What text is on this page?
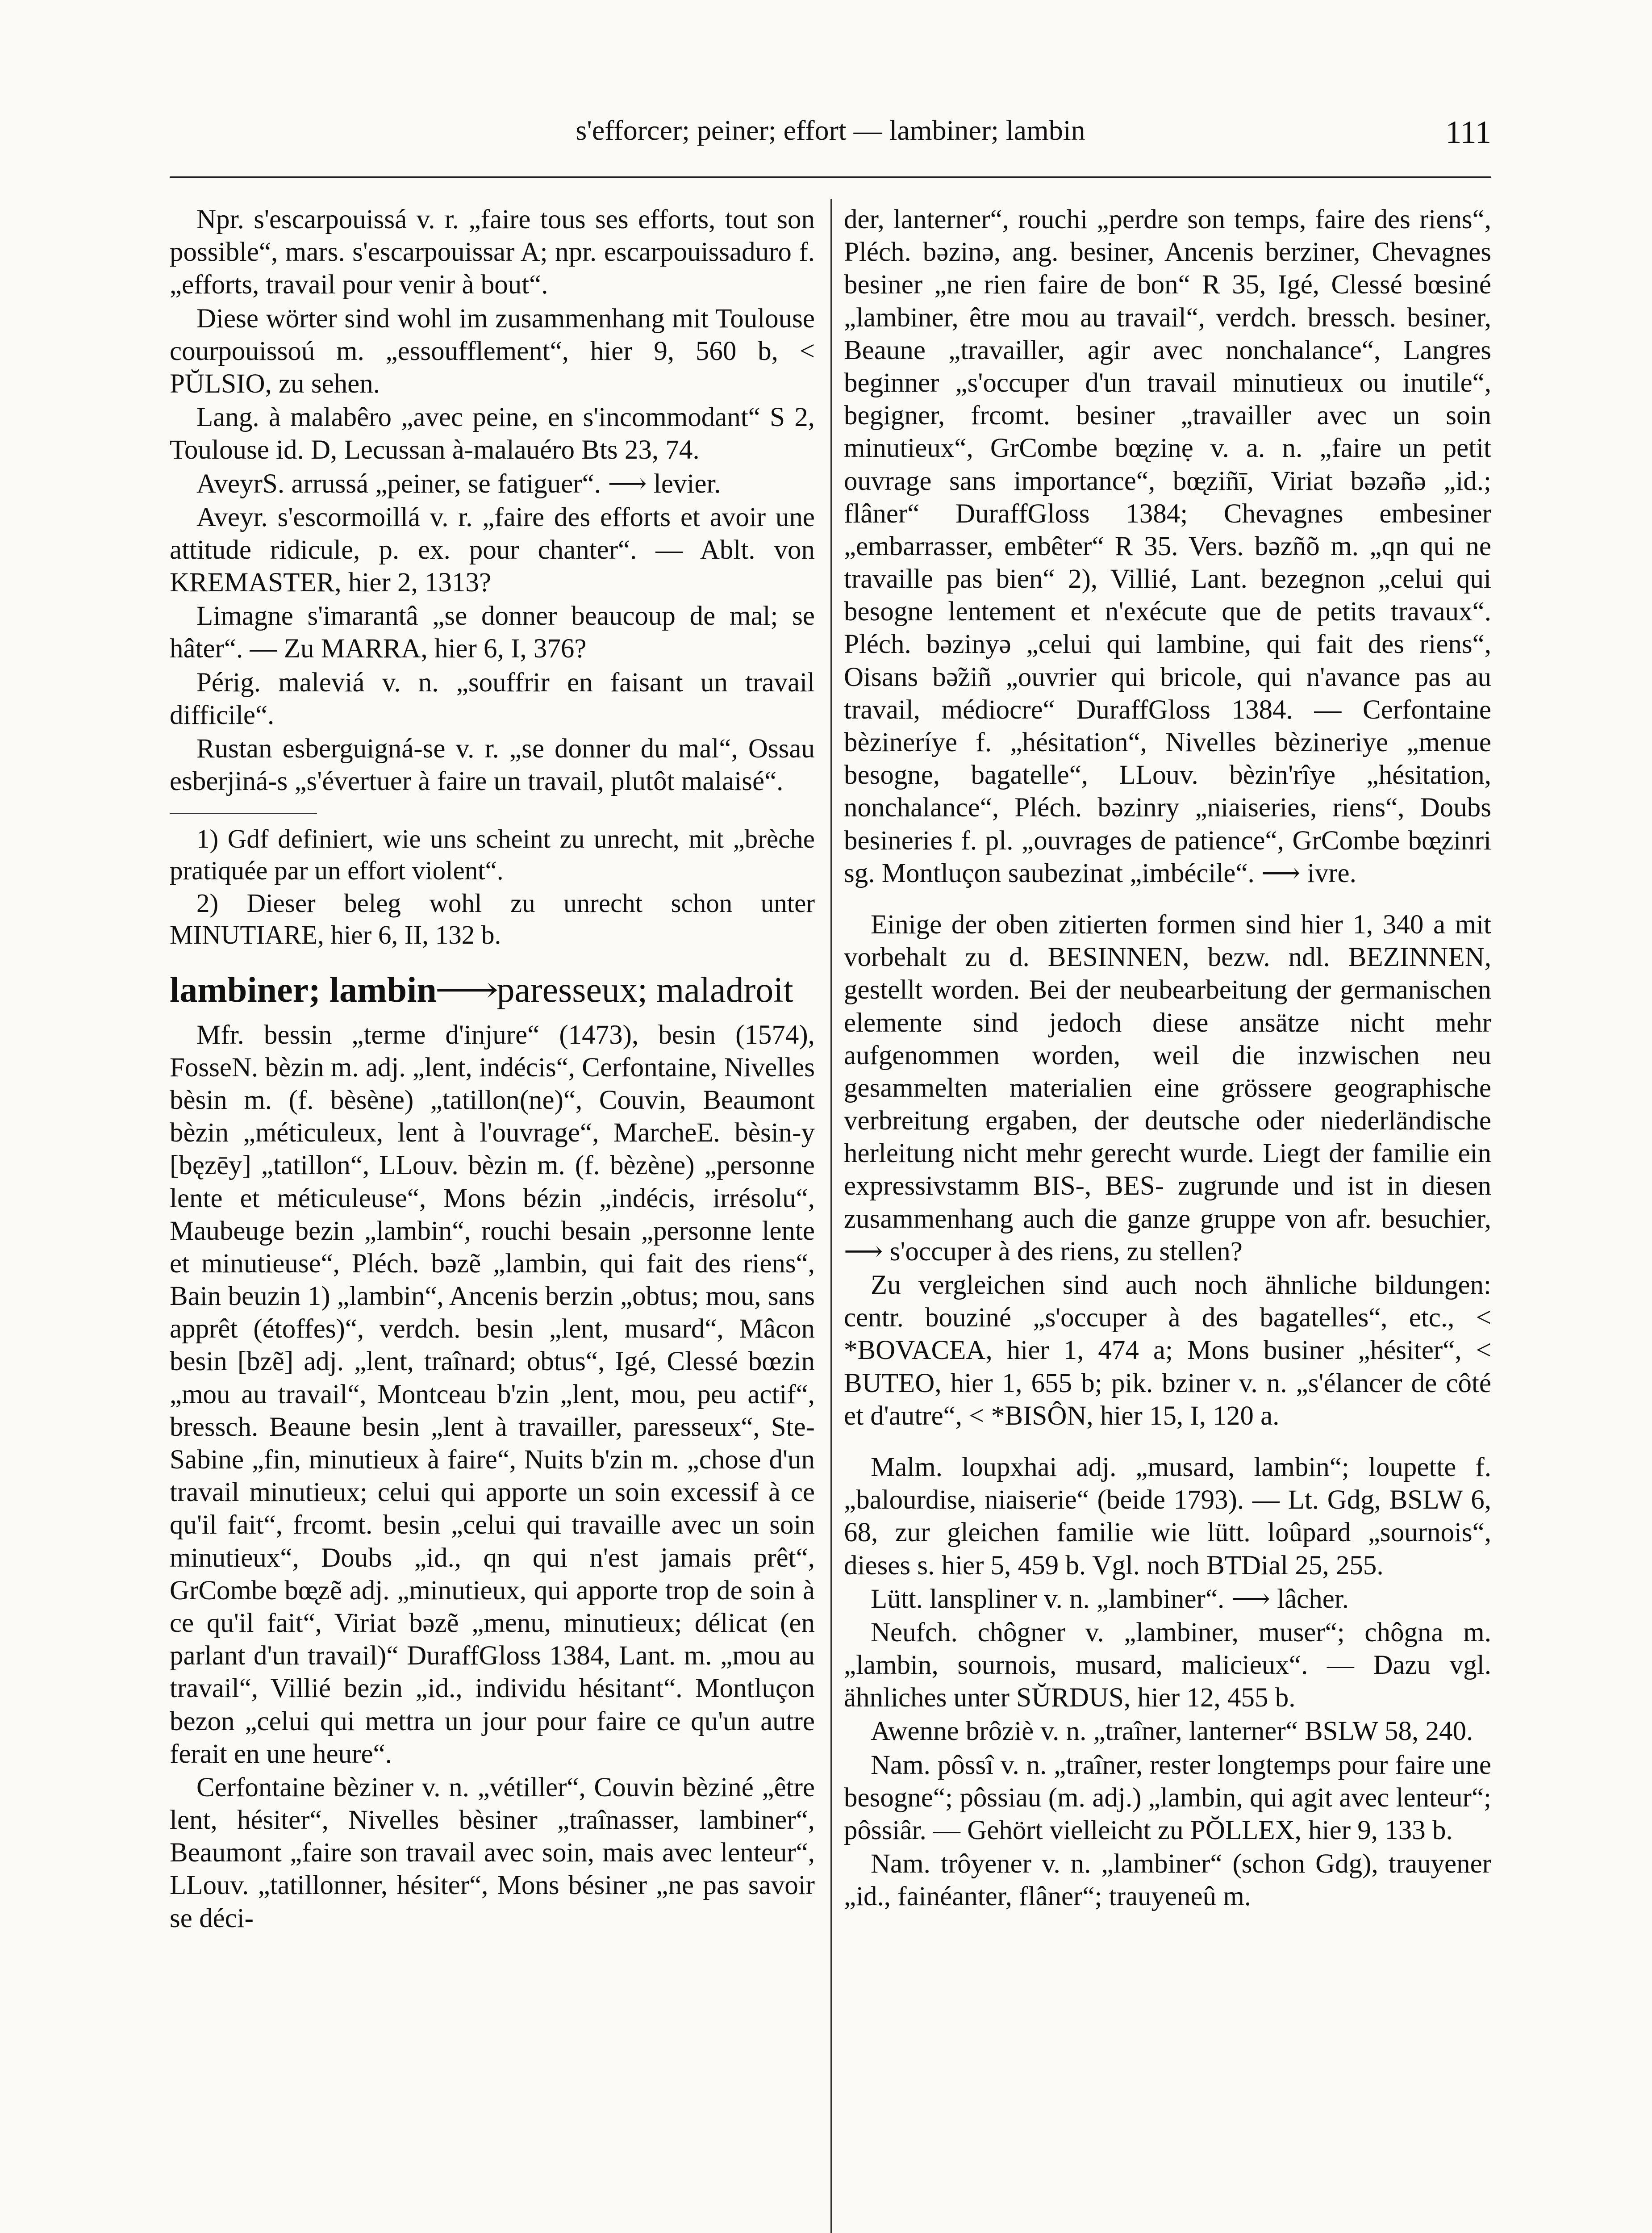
s'efforcer; peiner; effort — lambiner; lambin	111

Npr. s'escarpouissá v. r. „faire tous ses efforts, tout son possible“, mars. s'escarpouissar A; npr. escarpouissaduro f. „efforts, travail pour venir à bout“.

Diese wörter sind wohl im zusammenhang mit Toulouse courpouissoú m. „essoufflement“, hier 9, 560 b, < PŬLSIO, zu sehen.

Lang. à malabêro „avec peine, en s'incommodant“ S 2, Toulouse id. D, Lecussan à-malauéro Bts 23, 74.

AveyrS. arrussá „peiner, se fatiguer“. ⟶ levier.

Aveyr. s'escormoillá v. r. „faire des efforts et avoir une attitude ridicule, p. ex. pour chanter“. — Ablt. von KREMASTER, hier 2, 1313?

Limagne s'imarantâ „se donner beaucoup de mal; se hâter“. — Zu MARRA, hier 6, I, 376?

Périg. maleviá v. n. „souffrir en faisant un travail difficile“.

Rustan esberguigná-se v. r. „se donner du mal“, Ossau esberjiná-s „s'évertuer à faire un travail, plutôt malaisé“.

1) Gdf definiert, wie uns scheint zu unrecht, mit „brèche pratiquée par un effort violent“.

2) Dieser beleg wohl zu unrecht schon unter MINUTIARE, hier 6, II, 132 b.

lambiner; lambin⟶paresseux; maladroit

Mfr. bessin „terme d'injure“ (1473), besin (1574), FosseN. bèzin m. adj. „lent, indécis“, Cerfontaine, Nivelles bèsin m. (f. bèsène) „tatillon(ne)“, Couvin, Beaumont bèzin „méticuleux, lent à l'ouvrage“, MarcheE. bèsin-y [bęzēy] „tatillon“, LLouv. bèzin m. (f. bèzène) „personne lente et méticuleuse“, Mons bézin „indécis, irrésolu“, Maubeuge bezin „lambin“, rouchi besain „personne lente et minutieuse“, Pléch. bəzẽ „lambin, qui fait des riens“, Bain beuzin 1) „lambin“, Ancenis berzin „obtus; mou, sans apprêt (étoffes)“, verdch. besin „lent, musard“, Mâcon besin [bzẽ] adj. „lent, traînard; obtus“, Igé, Clessé bœzin „mou au travail“, Montceau b'zin „lent, mou, peu actif“, bressch. Beaune besin „lent à travailler, paresseux“, Ste-Sabine „fin, minutieux à faire“, Nuits b'zin m. „chose d'un travail minutieux; celui qui apporte un soin excessif à ce qu'il fait“, frcomt. besin „celui qui travaille avec un soin minutieux“, Doubs „id., qn qui n'est jamais prêt“, GrCombe bœ̨zẽ adj. „minutieux, qui apporte trop de soin à ce qu'il fait“, Viriat bəzẽ „menu, minutieux; délicat (en parlant d'un travail)“ DuraffGloss 1384, Lant. m. „mou au travail“, Villié bezin „id., individu hésitant“. Montluçon bezon „celui qui mettra un jour pour faire ce qu'un autre ferait en une heure“.

Cerfontaine bèziner v. n. „vétiller“, Couvin bèziné „être lent, hésiter“, Nivelles bèsiner „traînasser, lambiner“, Beaumont „faire son travail avec soin, mais avec lenteur“, LLouv. „tatillonner, hésiter“, Mons bésiner „ne pas savoir se déci-

der, lanterner“, rouchi „perdre son temps, faire des riens“, Pléch. bəzinə, ang. besiner, Ancenis berziner, Chevagnes besiner „ne rien faire de bon“ R 35, Igé, Clessé bœsiné „lambiner, être mou au travail“, verdch. bressch. besiner, Beaune „travailler, agir avec nonchalance“, Langres beginner „s'occuper d'un travail minutieux ou inutile“, begigner, frcomt. besiner „travailler avec un soin minutieux“, GrCombe bœ̨zinẹ v. a. n. „faire un petit ouvrage sans importance“, bœ̨ziñī, Viriat bəzəñə „id.; flâner“ DuraffGloss 1384; Chevagnes embesiner „embarrasser, embêter“ R 35. Vers. bəzñõ m. „qn qui ne travaille pas bien“ 2), Villié, Lant. bezegnon „celui qui besogne lentement et n'exécute que de petits travaux“. Pléch. bəzinyə „celui qui lambine, qui fait des riens“, Oisans bə̃ziñ „ouvrier qui bricole, qui n'avance pas au travail, médiocre“ DuraffGloss 1384. — Cerfontaine bèzineríye f. „hésitation“, Nivelles bèzineriye „menue besogne, bagatelle“, LLouv. bèzin'rîye „hésitation, nonchalance“, Pléch. bəzinry „niaiseries, riens“, Doubs besineries f. pl. „ouvrages de patience“, GrCombe bœ̨zinri sg. Montluçon saubezinat „imbécile“. ⟶ ivre.

Einige der oben zitierten formen sind hier 1, 340 a mit vorbehalt zu d. BESINNEN, bezw. ndl. BEZINNEN, gestellt worden. Bei der neubearbeitung der germanischen elemente sind jedoch diese ansätze nicht mehr aufgenommen worden, weil die inzwischen neu gesammelten materialien eine grössere geographische verbreitung ergaben, der deutsche oder niederländische herleitung nicht mehr gerecht wurde. Liegt der familie ein expressivstamm BIS-, BES- zugrunde und ist in diesen zusammenhang auch die ganze gruppe von afr. besuchier, ⟶ s'occuper à des riens, zu stellen?

Zu vergleichen sind auch noch ähnliche bildungen: centr. bouziné „s'occuper à des bagatelles“, etc., < *BOVACEA, hier 1, 474 a; Mons businer „hésiter“, < BUTEO, hier 1, 655 b; pik. bziner v. n. „s'élancer de côté et d'autre“, < *BISÔN, hier 15, I, 120 a.

Malm. loupxhai adj. „musard, lambin“; loupette f. „balourdise, niaiserie“ (beide 1793). — Lt. Gdg, BSLW 6, 68, zur gleichen familie wie lütt. loûpard „sournois“, dieses s. hier 5, 459 b. Vgl. noch BTDial 25, 255.

Lütt. lanspliner v. n. „lambiner“. ⟶ lâcher.

Neufch. chôgner v. „lambiner, muser“; chôgna m. „lambin, sournois, musard, malicieux“. — Dazu vgl. ähnliches unter SŬRDUS, hier 12, 455 b.

Awenne brôziè v. n. „traîner, lanterner“ BSLW 58, 240.

Nam. pôssî v. n. „traîner, rester longtemps pour faire une besogne“; pôssiau (m. adj.) „lambin, qui agit avec lenteur“; pôssiâr. — Gehört vielleicht zu PŎLLEX, hier 9, 133 b.

Nam. trôyener v. n. „lambiner“ (schon Gdg), trauyener „id., fainéanter, flâner“; trauyeneû m.
